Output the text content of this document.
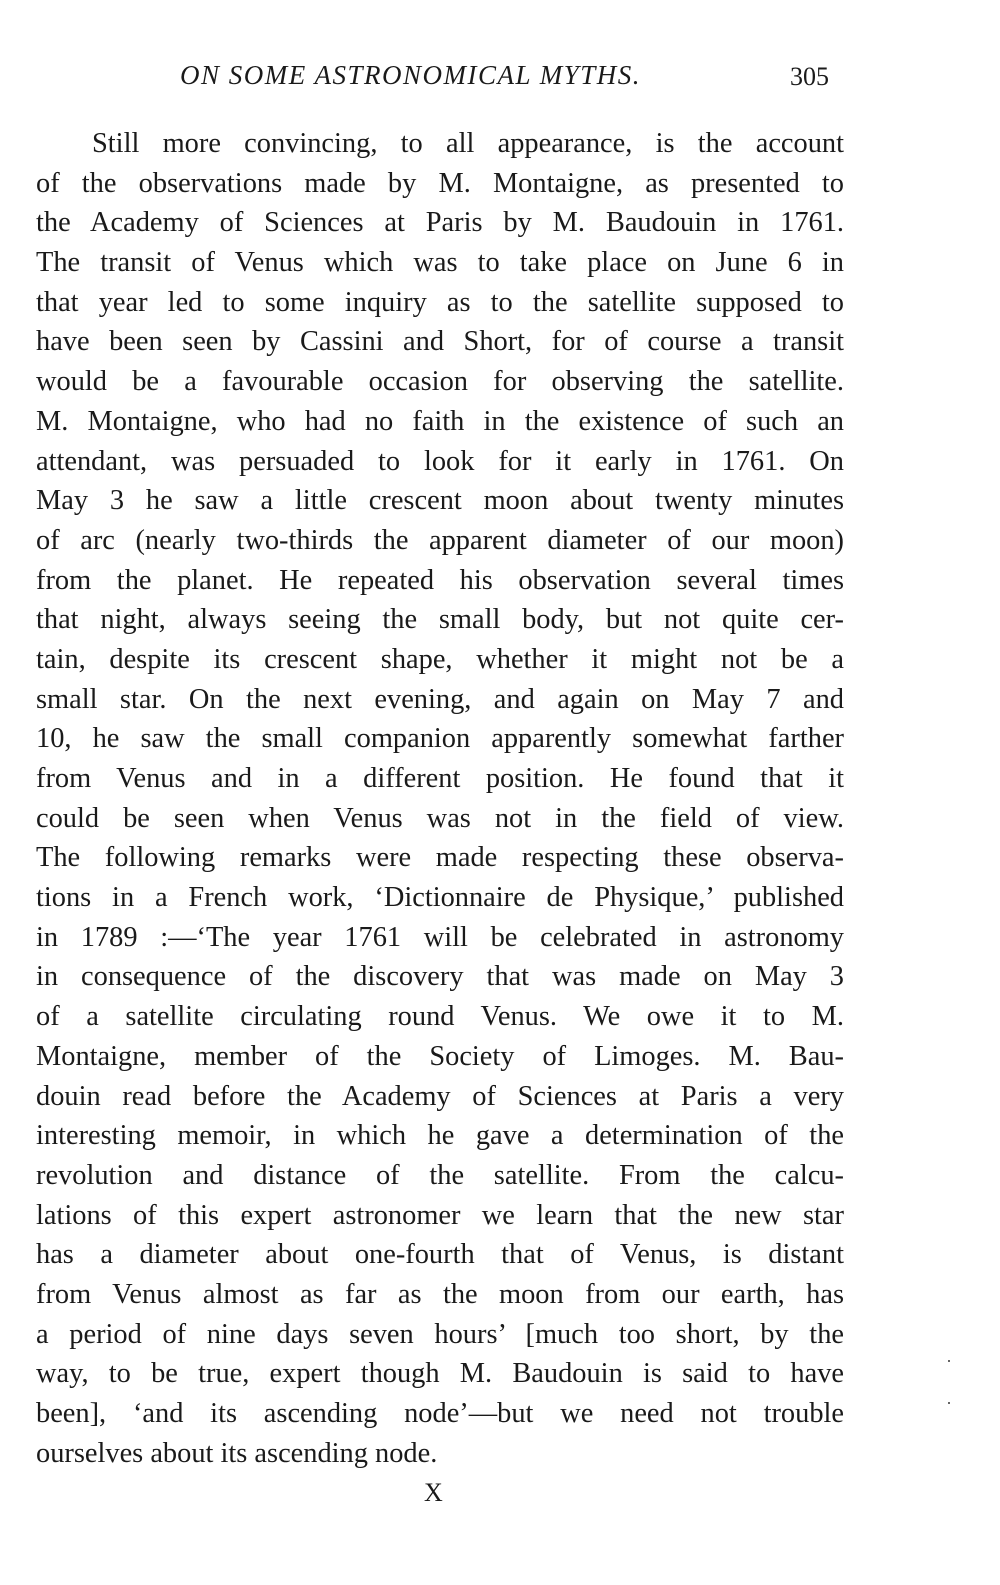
ON SOME ASTRONOMICAL MYTHS.	305
Still more convincing, to all appearance, is the account
of the observations made by M. Montaigne, as presented to
the Academy of Sciences at Paris by M. Baudouin in 1761.
The transit of Venus which was to take place on June 6 in
that year led to some inquiry as to the satellite supposed to
have been seen by Cassini and Short, for of course a transit
would be a favourable occasion for observing the satellite.
M. Montaigne, who had no faith in the existence of such an
attendant, was persuaded to look for it early in 1761. On
May 3 he saw a little crescent moon about twenty minutes
of arc (nearly two-thirds the apparent diameter of our moon)
from the planet. He repeated his observation several times
that night, always seeing the small body, but not quite cer-
tain, despite its crescent shape, whether it might not be a
small star. On the next evening, and again on May 7 and
10, he saw the small companion apparently somewhat farther
from Venus and in a different position. He found that it
could be seen when Venus was not in the field of view.
The following remarks were made respecting these observa-
tions in a French work, ‘Dictionnaire de Physique,’ published
in 1789 :—‘The year 1761 will be celebrated in astronomy
in consequence of the discovery that was made on May 3
of a satellite circulating round Venus. We owe it to M.
Montaigne, member of the Society of Limoges. M. Bau-
douin read before the Academy of Sciences at Paris a very
interesting memoir, in which he gave a determination of the
revolution and distance of the satellite. From the calcu-
lations of this expert astronomer we learn that the new star
has a diameter about one-fourth that of Venus, is distant
from Venus almost as far as the moon from our earth, has
a period of nine days seven hours’ [much too short, by the
way, to be true, expert though M. Baudouin is said to have
been], ‘and its ascending node’—but we need not trouble
ourselves about its ascending node.
X
